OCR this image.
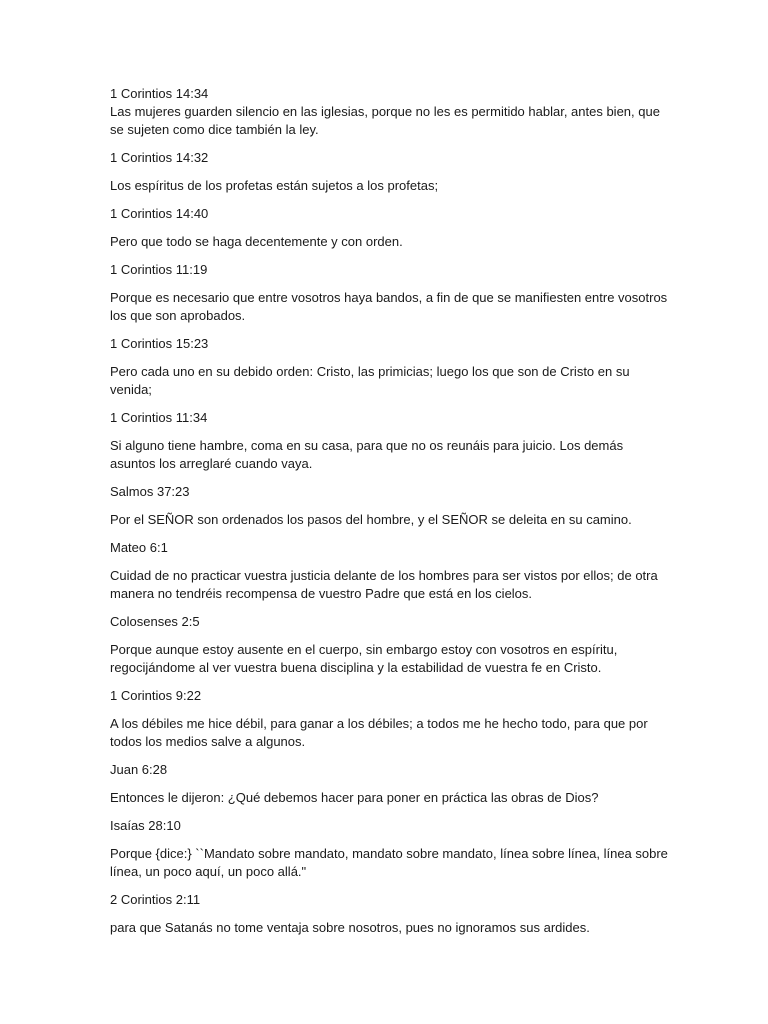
1 Corintios 14:34

Las mujeres guarden silencio en las iglesias, porque no les es permitido hablar, antes bien, que se sujeten como dice también la ley.

1 Corintios 14:32

Los espíritus de los profetas están sujetos a los profetas;

1 Corintios 14:40

Pero que todo se haga decentemente y con orden.

1 Corintios 11:19

Porque es necesario que entre vosotros haya bandos, a fin de que se manifiesten entre vosotros los que son aprobados.

1 Corintios 15:23

Pero cada uno en su debido orden: Cristo, las primicias; luego los que son de Cristo en su venida;

1 Corintios 11:34

Si alguno tiene hambre, coma en su casa, para que no os reunáis para juicio. Los demás asuntos los arreglaré cuando vaya.

Salmos 37:23

Por el SEÑOR son ordenados los pasos del hombre, y el SEÑOR se deleita en su camino.

Mateo 6:1

Cuidad de no practicar vuestra justicia delante de los hombres para ser vistos por ellos; de otra manera no tendréis recompensa de vuestro Padre que está en los cielos.

Colosenses 2:5

Porque aunque estoy ausente en el cuerpo, sin embargo estoy con vosotros en espíritu, regocijándome al ver vuestra buena disciplina y la estabilidad de vuestra fe en Cristo.

1 Corintios 9:22

A los débiles me hice débil, para ganar a los débiles; a todos me he hecho todo, para que por todos los medios salve a algunos.

Juan 6:28

Entonces le dijeron: ¿Qué debemos hacer para poner en práctica las obras de Dios?

Isaías 28:10

Porque {dice:} ``Mandato sobre mandato, mandato sobre mandato, línea sobre línea, línea sobre línea, un poco aquí, un poco allá."

2 Corintios 2:11

para que Satanás no tome ventaja sobre nosotros, pues no ignoramos sus ardides.
